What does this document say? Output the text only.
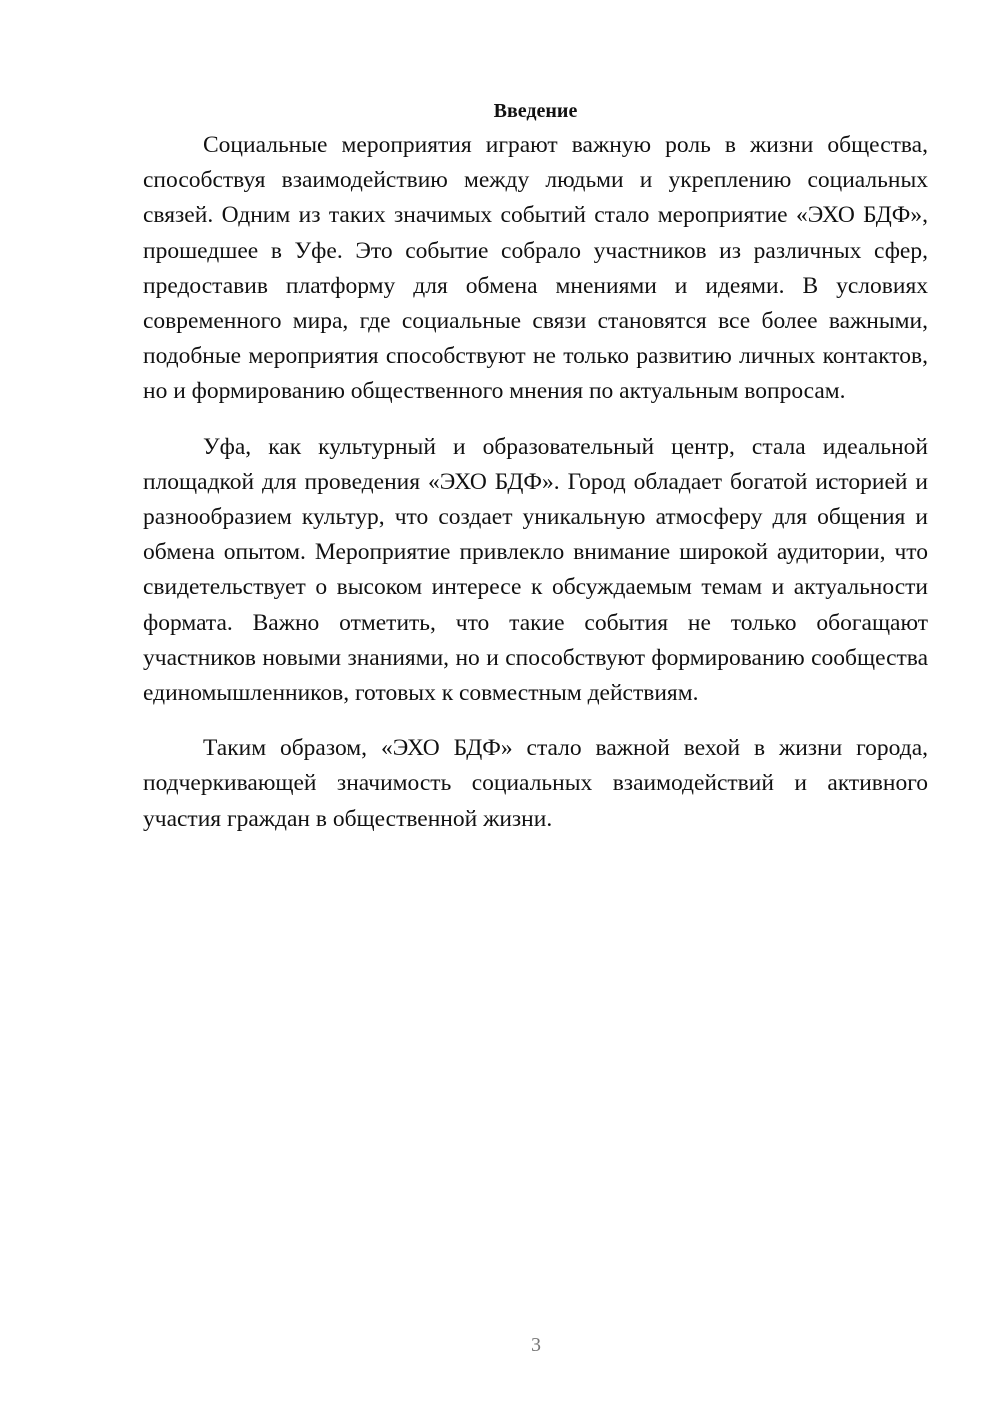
Введение

Социальные мероприятия играют важную роль в жизни общества, способствуя взаимодействию между людьми и укреплению социальных связей. Одним из таких значимых событий стало мероприятие «ЭХО БДФ», прошедшее в Уфе. Это событие собрало участников из различных сфер, предоставив платформу для обмена мнениями и идеями. В условиях современного мира, где социальные связи становятся все более важными, подобные мероприятия способствуют не только развитию личных контактов, но и формированию общественного мнения по актуальным вопросам.

Уфа, как культурный и образовательный центр, стала идеальной площадкой для проведения «ЭХО БДФ». Город обладает богатой историей и разнообразием культур, что создает уникальную атмосферу для общения и обмена опытом. Мероприятие привлекло внимание широкой аудитории, что свидетельствует о высоком интересе к обсуждаемым темам и актуальности формата. Важно отметить, что такие события не только обогащают участников новыми знаниями, но и способствуют формированию сообщества единомышленников, готовых к совместным действиям.

Таким образом, «ЭХО БДФ» стало важной вехой в жизни города, подчеркивающей значимость социальных взаимодействий и активного участия граждан в общественной жизни.

3
